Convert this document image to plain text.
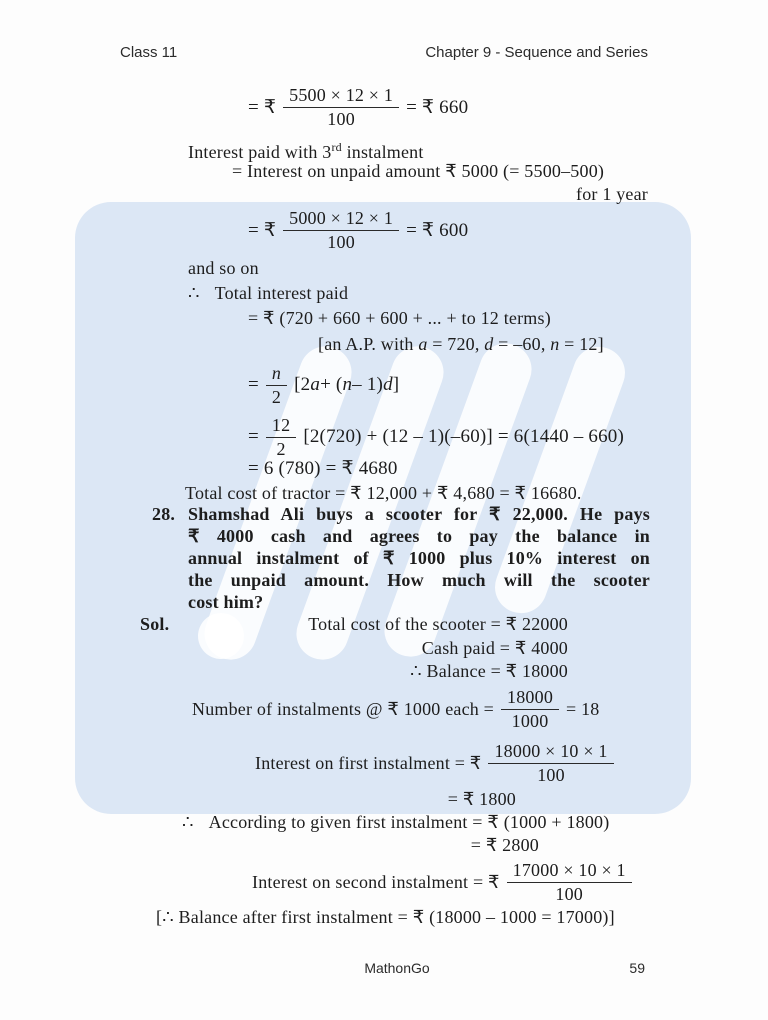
Class 11	Chapter 9 - Sequence and Series
= ₹ $\frac{5500 \times 12 \times 1}{100}$ = ₹ 660
Interest paid with 3rd instalment
= Interest on unpaid amount ₹ 5000 (= 5500–500)
for 1 year
= ₹ $\frac{5000 \times 12 \times 1}{100}$ = ₹ 600
and so on
∴ Total interest paid
= ₹ (720 + 660 + 600 + ... + to 12 terms)
[an A.P. with a = 720, d = –60, n = 12]
= $\frac{n}{2} [2$ a + ( n – 1) d ]
= $\frac{12}{2} [2(720) + (12 - 1)(-60)] = 6(1440 - 660)$
= 6 (780) = ₹ 4680
Total cost of tractor = ₹ 12,000 + ₹ 4,680 = ₹ 16680.
28. Shamshad Ali buys a scooter for ₹ 22,000. He pays
₹ 4000 cash and agrees to pay the balance in
annual instalment of ₹ 1000 plus 10% interest on
the unpaid amount. How much will the scooter
cost him?
Sol.	Total cost of the scooter = ₹ 22000
Cash paid = ₹ 4000
∴ Balance = ₹ 18000
Number of instalments @ ₹ 1000 each = $\frac{18000}{1000} = 18$
Interest on first instalment = ₹ $\frac{18000 \times 10 \times 1}{100}$
= ₹ 1800
∴ According to given first instalment = ₹ (1000 + 1800)
= ₹ 2800
Interest on second instalment = ₹ $\frac{17000 \times 10 \times 1}{100}$
[∴ Balance after first instalment = ₹ (18000 – 1000 = 17000)]
MathonGo	59
